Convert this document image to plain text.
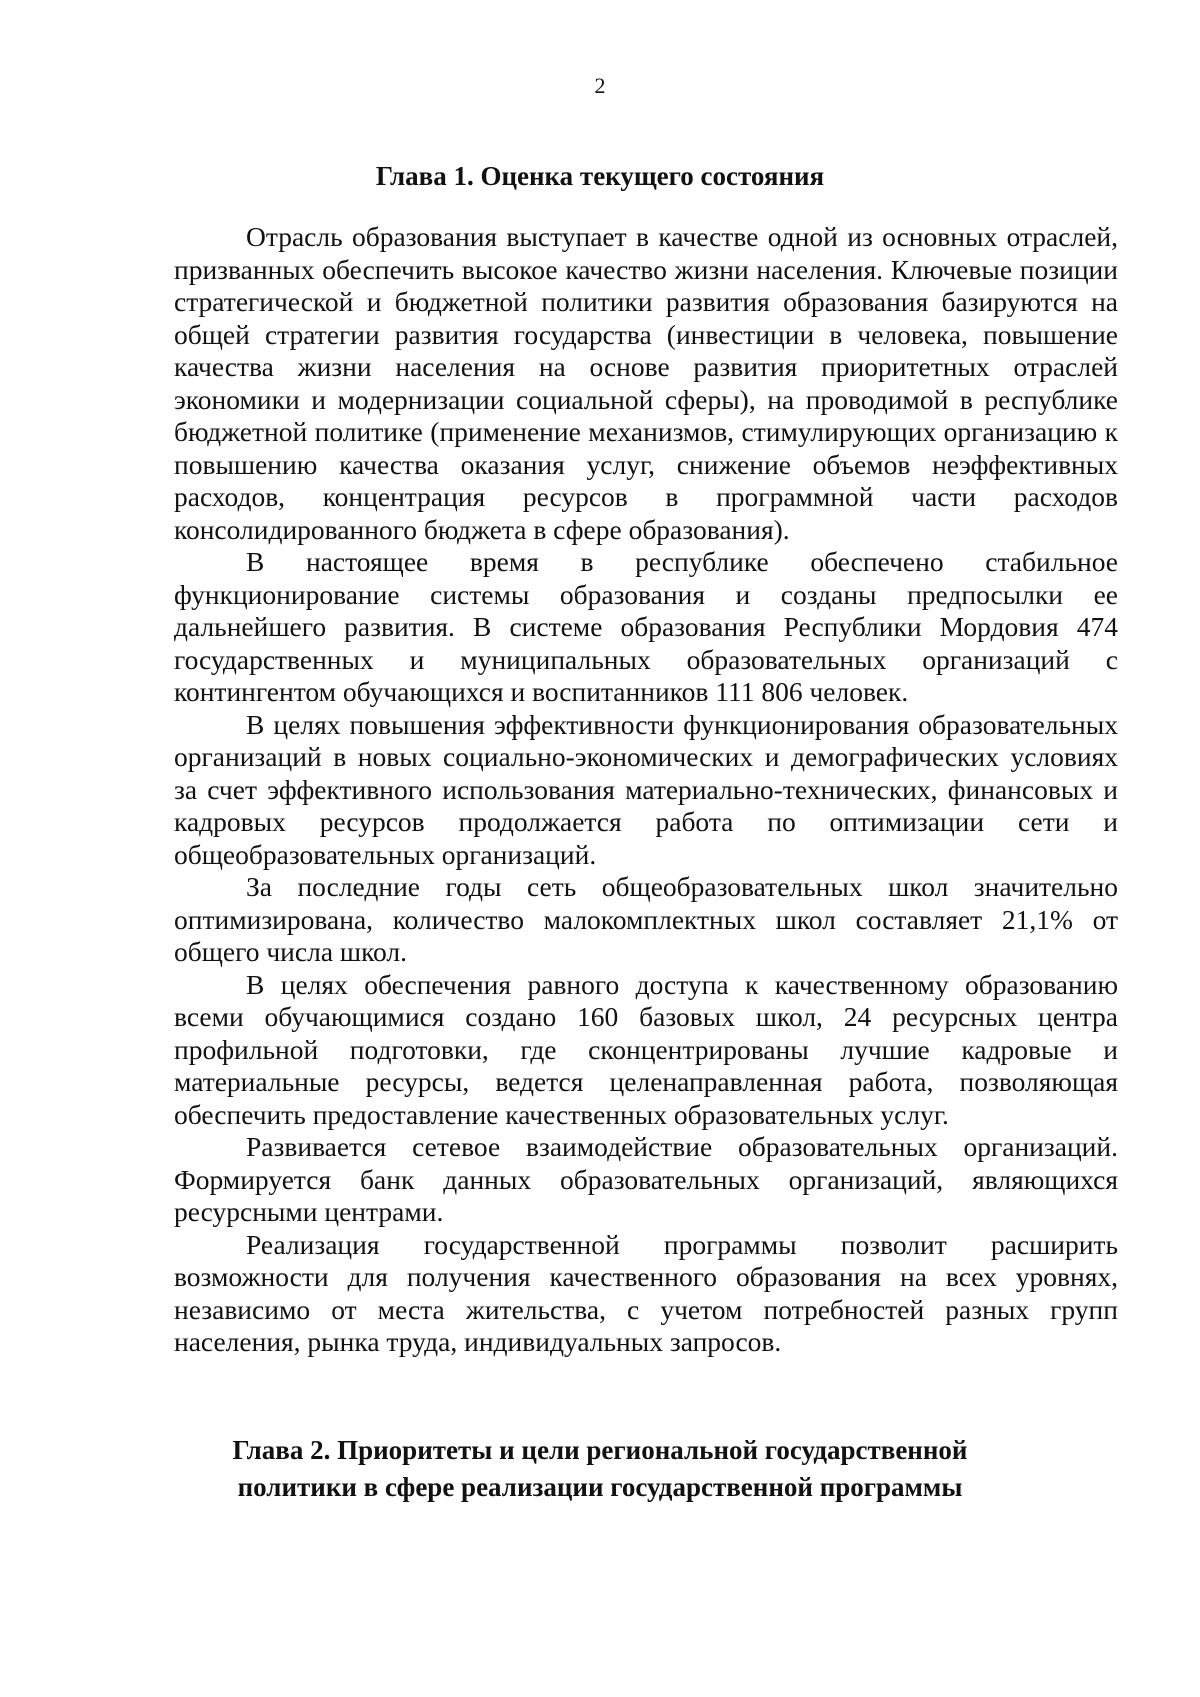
2
Глава 1. Оценка текущего состояния

Отрасль образования выступает в качестве одной из основных отраслей, призванных обеспечить высокое качество жизни населения. Ключевые позиции стратегической и бюджетной политики развития образования базируются на общей стратегии развития государства (инвестиции в человека, повышение качества жизни населения на основе развития приоритетных отраслей экономики и модернизации социальной сферы), на проводимой в республике бюджетной политике (применение механизмов, стимулирующих организацию к повышению качества оказания услуг, снижение объемов неэффективных расходов, концентрация ресурсов в программной части расходов консолидированного бюджета в сфере образования).

В настоящее время в республике обеспечено стабильное функционирование системы образования и созданы предпосылки ее дальнейшего развития. В системе образования Республики Мордовия 474 государственных и муниципальных образовательных организаций с контингентом обучающихся и воспитанников 111 806 человек.

В целях повышения эффективности функционирования образовательных организаций в новых социально-экономических и демографических условиях за счет эффективного использования материально-технических, финансовых и кадровых ресурсов продолжается работа по оптимизации сети и общеобразовательных организаций.

За последние годы сеть общеобразовательных школ значительно оптимизирована, количество малокомплектных школ составляет 21,1% от общего числа школ.

В целях обеспечения равного доступа к качественному образованию всеми обучающимися создано 160 базовых школ, 24 ресурсных центра профильной подготовки, где сконцентрированы лучшие кадровые и материальные ресурсы, ведется целенаправленная работа, позволяющая обеспечить предоставление качественных образовательных услуг.

Развивается сетевое взаимодействие образовательных организаций. Формируется банк данных образовательных организаций, являющихся ресурсными центрами.

Реализация государственной программы позволит расширить возможности для получения качественного образования на всех уровнях, независимо от места жительства, с учетом потребностей разных групп населения, рынка труда, индивидуальных запросов.

Глава 2. Приоритеты и цели региональной государственной
политики в сфере реализации государственной программы
